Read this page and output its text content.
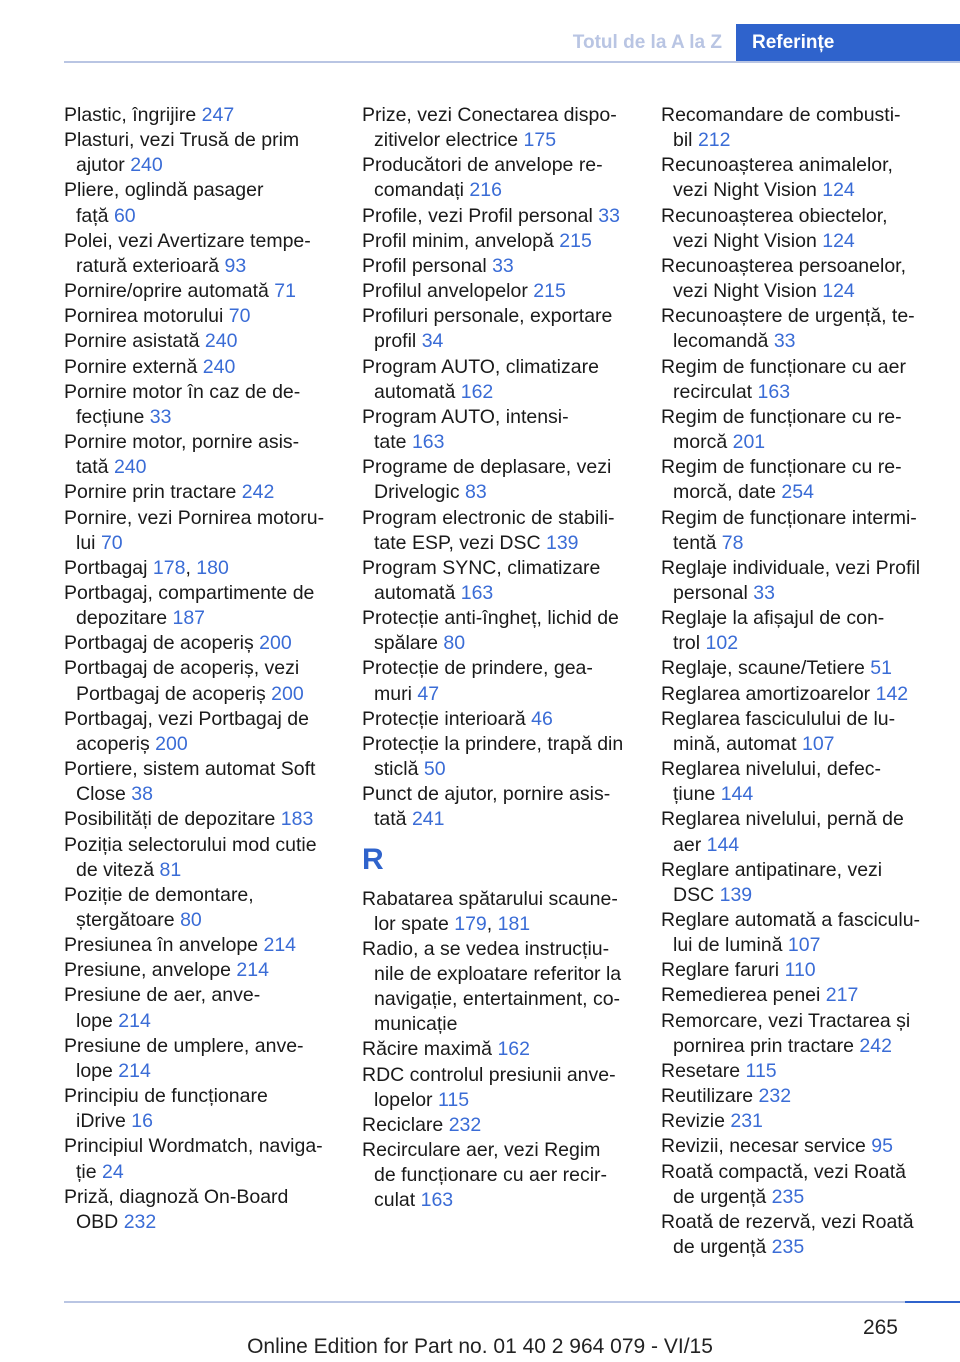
Totul de la A la Z	Referințe
Plastic, îngrijire 247
Plasturi, vezi Trusă de prim
ajutor 240
Pliere, oglindă pasager
față 60
Polei, vezi Avertizare tempe‐
ratură exterioară 93
Pornire/oprire automată 71
Pornirea motorului 70
Pornire asistată 240
Pornire externă 240
Pornire motor în caz de de‐
fecțiune 33
Pornire motor, pornire asis‐
tată 240
Pornire prin tractare 242
Pornire, vezi Pornirea motoru‐
lui 70
Portbagaj 178, 180
Portbagaj, compartimente de
depozitare 187
Portbagaj de acoperiș 200
Portbagaj de acoperiș, vezi
Portbagaj de acoperiș 200
Portbagaj, vezi Portbagaj de
acoperiș 200
Portiere, sistem automat Soft
Close 38
Posibilități de depozitare 183
Poziția selectorului mod cutie
de viteză 81
Poziție de demontare,
ștergătoare 80
Presiunea în anvelope 214
Presiune, anvelope 214
Presiune de aer, anve‐
lope 214
Presiune de umplere, anve‐
lope 214
Principiu de funcționare
iDrive 16
Principiul Wordmatch, naviga‐
ție 24
Priză, diagnoză On-Board
OBD 232
Prize, vezi Conectarea dispo‐
zitivelor electrice 175
Producători de anvelope re‐
comandați 216
Profile, vezi Profil personal 33
Profil minim, anvelopă 215
Profil personal 33
Profilul anvelopelor 215
Profiluri personale, exportare
profil 34
Program AUTO, climatizare
automată 162
Program AUTO, intensi‐
tate 163
Programe de deplasare, vezi
Drivelogic 83
Program electronic de stabili‐
tate ESP, vezi DSC 139
Program SYNC, climatizare
automată 163
Protecție anti-îngheț, lichid de
spălare 80
Protecție de prindere, gea‐
muri 47
Protecție interioară 46
Protecție la prindere, trapă din
sticlă 50
Punct de ajutor, pornire asis‐
tată 241
R
Rabatarea spătarului scaune‐
lor spate 179, 181
Radio, a se vedea instrucțiu‐
nile de exploatare referitor la
navigație, entertainment, co‐
municație
Răcire maximă 162
RDC controlul presiunii anve‐
lopelor 115
Reciclare 232
Recirculare aer, vezi Regim
de funcționare cu aer recir‐
culat 163
Recomandare de combusti‐
bil 212
Recunoașterea animalelor,
vezi Night Vision 124
Recunoașterea obiectelor,
vezi Night Vision 124
Recunoașterea persoanelor,
vezi Night Vision 124
Recunoaștere de urgență, te‐
lecomandă 33
Regim de funcționare cu aer
recirculat 163
Regim de funcționare cu re‐
morcă 201
Regim de funcționare cu re‐
morcă, date 254
Regim de funcționare intermi‐
tentă 78
Reglaje individuale, vezi Profil
personal 33
Reglaje la afișajul de con‐
trol 102
Reglaje, scaune/Tetiere 51
Reglarea amortizoarelor 142
Reglarea fasciculului de lu‐
mină, automat 107
Reglarea nivelului, defec‐
țiune 144
Reglarea nivelului, pernă de
aer 144
Reglare antipatinare, vezi
DSC 139
Reglare automată a fasciculu‐
lui de lumină 107
Reglare faruri 110
Remedierea penei 217
Remorcare, vezi Tractarea și
pornirea prin tractare 242
Resetare 115
Reutilizare 232
Revizie 231
Revizii, necesar service 95
Roată compactă, vezi Roată
de urgență 235
Roată de rezervă, vezi Roată
de urgență 235
265
Online Edition for Part no. 01 40 2 964 079 - VI/15
